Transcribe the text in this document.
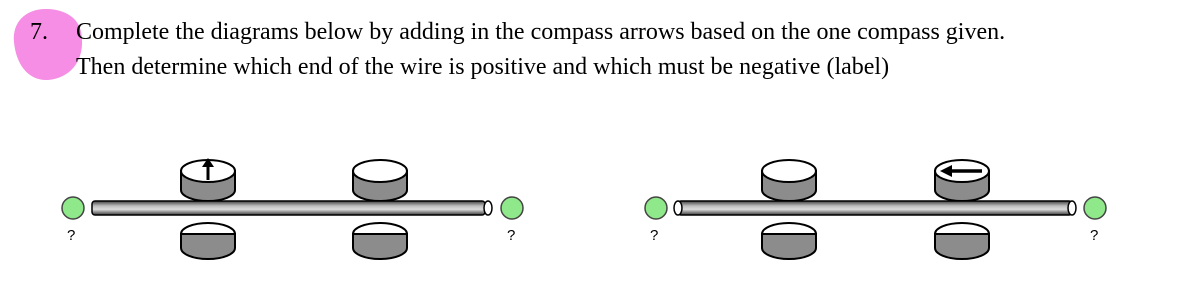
7. Complete the diagrams below by adding in the compass arrows based on the one compass given.
Then determine which end of the wire is positive and which must be negative (label)
?	?	?	?
